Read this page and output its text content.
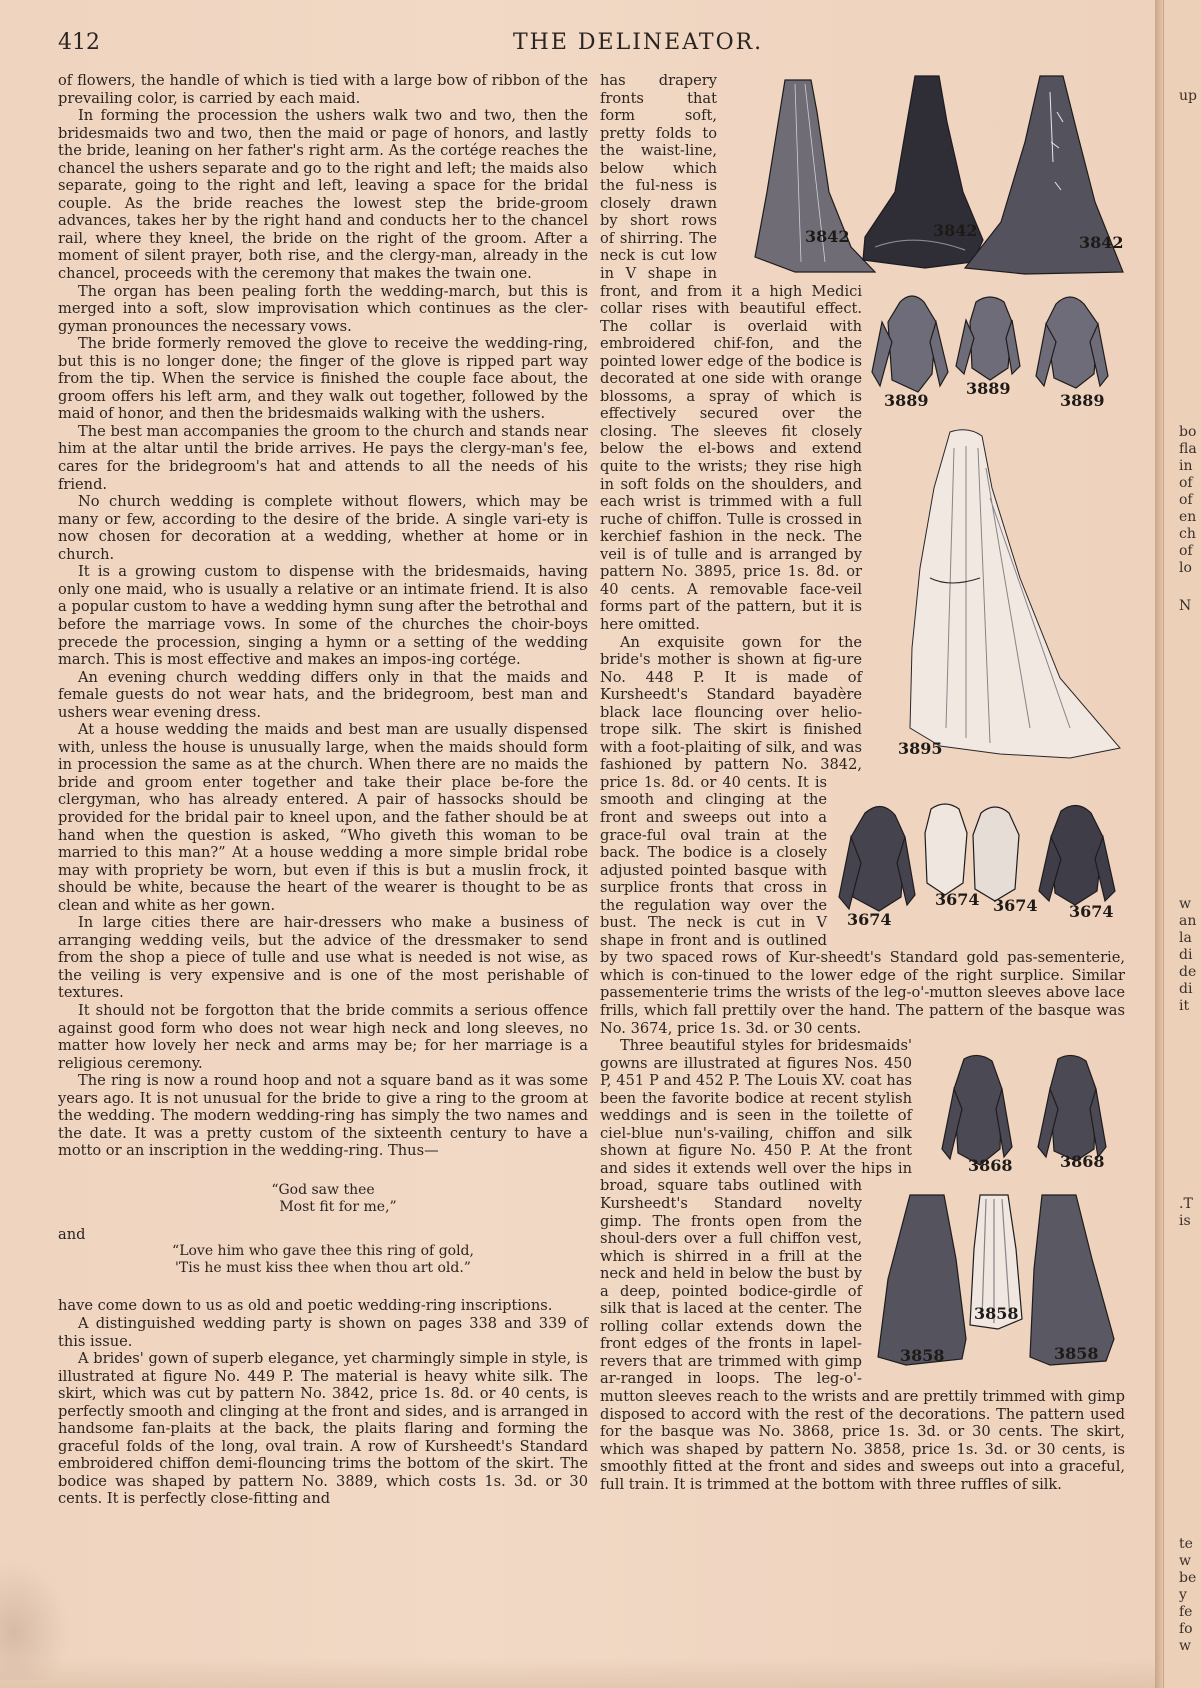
412	THE DELINEATOR.

of flowers, the handle of which is tied with a large bow of ribbon of the prevailing color, is carried by each maid.

In forming the procession the ushers walk two and two, then the bridesmaids two and two, then the maid or page of honors, and lastly the bride, leaning on her father's right arm. As the cortége reaches the chancel the ushers separate and go to the right and left; the maids also separate, going to the right and left, leaving a space for the bridal couple. As the bride reaches the lowest step the bride-groom advances, takes her by the right hand and conducts her to the chancel rail, where they kneel, the bride on the right of the groom. After a moment of silent prayer, both rise, and the clergy-man, already in the chancel, proceeds with the ceremony that makes the twain one.

The organ has been pealing forth the wedding-march, but this is merged into a soft, slow improvisation which continues as the cler-gyman pronounces the necessary vows.

The bride formerly removed the glove to receive the wedding-ring, but this is no longer done; the finger of the glove is ripped part way from the tip. When the service is finished the couple face about, the groom offers his left arm, and they walk out together, followed by the maid of honor, and then the bridesmaids walking with the ushers.

The best man accompanies the groom to the church and stands near him at the altar until the bride arrives. He pays the clergy-man's fee, cares for the bridegroom's hat and attends to all the needs of his friend.

No church wedding is complete without flowers, which may be many or few, according to the desire of the bride. A single vari-ety is now chosen for decoration at a wedding, whether at home or in church.

It is a growing custom to dispense with the bridesmaids, having only one maid, who is usually a relative or an intimate friend. It is also a popular custom to have a wedding hymn sung after the betrothal and before the marriage vows. In some of the churches the choir-boys precede the procession, singing a hymn or a setting of the wedding march. This is most effective and makes an impos-ing cortége.

An evening church wedding differs only in that the maids and female guests do not wear hats, and the bridegroom, best man and ushers wear evening dress.

At a house wedding the maids and best man are usually dispensed with, unless the house is unusually large, when the maids should form in procession the same as at the church. When there are no maids the bride and groom enter together and take their place be-fore the clergyman, who has already entered. A pair of hassocks should be provided for the bridal pair to kneel upon, and the father should be at hand when the question is asked, “Who giveth this woman to be married to this man?” At a house wedding a more simple bridal robe may with propriety be worn, but even if this is but a muslin frock, it should be white, because the heart of the wearer is thought to be as clean and white as her gown.

In large cities there are hair-dressers who make a business of arranging wedding veils, but the advice of the dressmaker to send from the shop a piece of tulle and use what is needed is not wise, as the veiling is very expensive and is one of the most perishable of textures.

It should not be forgotton that the bride commits a serious offence against good form who does not wear high neck and long sleeves, no matter how lovely her neck and arms may be; for her marriage is a religious ceremony.

The ring is now a round hoop and not a square band as it was some years ago. It is not unusual for the bride to give a ring to the groom at the wedding. The modern wedding-ring has simply the two names and the date. It was a pretty custom of the sixteenth century to have a motto or an inscription in the wedding-ring. Thus—

“God saw thee
Most fit for me,”

and

“Love him who gave thee this ring of gold,
'Tis he must kiss thee when thou art old.”

have come down to us as old and poetic wedding-ring inscriptions.

A distinguished wedding party is shown on pages 338 and 339 of this issue.

A brides' gown of superb elegance, yet charmingly simple in style, is illustrated at figure No. 449 P. The material is heavy white silk. The skirt, which was cut by pattern No. 3842, price 1s. 8d. or 40 cents, is perfectly smooth and clinging at the front and sides, and is arranged in handsome fan-plaits at the back, the plaits flaring and forming the graceful folds of the long, oval train. A row of Kursheedt's Standard embroidered chiffon demi-flouncing trims the bottom of the skirt. The bodice was shaped by pattern No. 3889, which costs 1s. 3d. or 30 cents. It is perfectly close-fitting and

3842	3842
3842
3889
3889
3889
3895

has drapery fronts that form soft, pretty folds to the waist-line, below which the ful-ness is closely drawn by short rows of shirring. The neck is cut low in V shape in front, and from it a high Medici collar rises with beautiful effect. The collar is overlaid with embroidered chif-fon, and the pointed lower edge of the bodice is decorated at one side with orange blossoms, a spray of which is effectively secured over the closing. The sleeves fit closely below the el-bows and extend quite to the wrists; they rise high in soft folds on the shoulders, and each wrist is trimmed with a full ruche of chiffon. Tulle is crossed in kerchief fashion in the neck. The veil is of tulle and is arranged by pattern No. 3895, price 1s. 8d. or 40 cents. A removable face-veil forms part of the pattern, but it is here omitted.

3674
3674 3674 3674

An exquisite gown for the bride's mother is shown at fig-ure No. 448 P. It is made of Kursheedt's Standard bayadère black lace flouncing over helio-trope silk. The skirt is finished with a foot-plaiting of silk, and was fashioned by pattern No. 3842, price 1s. 8d. or 40 cents. It is smooth and clinging at the front and sweeps out into a grace-ful oval train at the back. The bodice is a closely adjusted pointed basque with surplice fronts that cross in the regulation way over the bust. The neck is cut in V shape in front and is outlined by two spaced rows of Kur-sheedt's Standard gold pas-sementerie, which is con-tinued to the lower edge of the right surplice. Similar passementerie trims the wrists of the leg-o'-mutton sleeves above lace frills, which fall prettily over the hand. The pattern of the basque was No. 3674, price 1s. 3d. or 30 cents.

3868	3868
3858
3858
3858

Three beautiful styles for bridesmaids' gowns are illustrated at figures Nos. 450 P, 451 P and 452 P. The Louis XV. coat has been the favorite bodice at recent stylish weddings and is seen in the toilette of ciel-blue nun's-vailing, chiffon and silk shown at figure No. 450 P. At the front and sides it extends well over the hips in broad, square tabs outlined with Kursheedt's Standard novelty gimp. The fronts open from the shoul-ders over a full chiffon vest, which is shirred in a frill at the neck and held in below the bust by a deep, pointed bodice-girdle of silk that is laced at the center. The rolling collar extends down the front edges of the fronts in lapel-revers that are trimmed with gimp ar-ranged in loops. The leg-o'-mutton sleeves reach to the wrists and are prettily trimmed with gimp disposed to accord with the rest of the decorations. The pattern used for the basque was No. 3868, price 1s. 3d. or 30 cents. The skirt, which was shaped by pattern No. 3858, price 1s. 3d. or 30 cents, is smoothly fitted at the front and sides and sweeps out into a graceful, full train. It is trimmed at the bottom with three ruffles of silk.

up
bo
fla
in
of
of
en
ch
of
lo
N
w
an
la
di
de
di
it
.T
is
te
w
be
y
fe
fo
w
